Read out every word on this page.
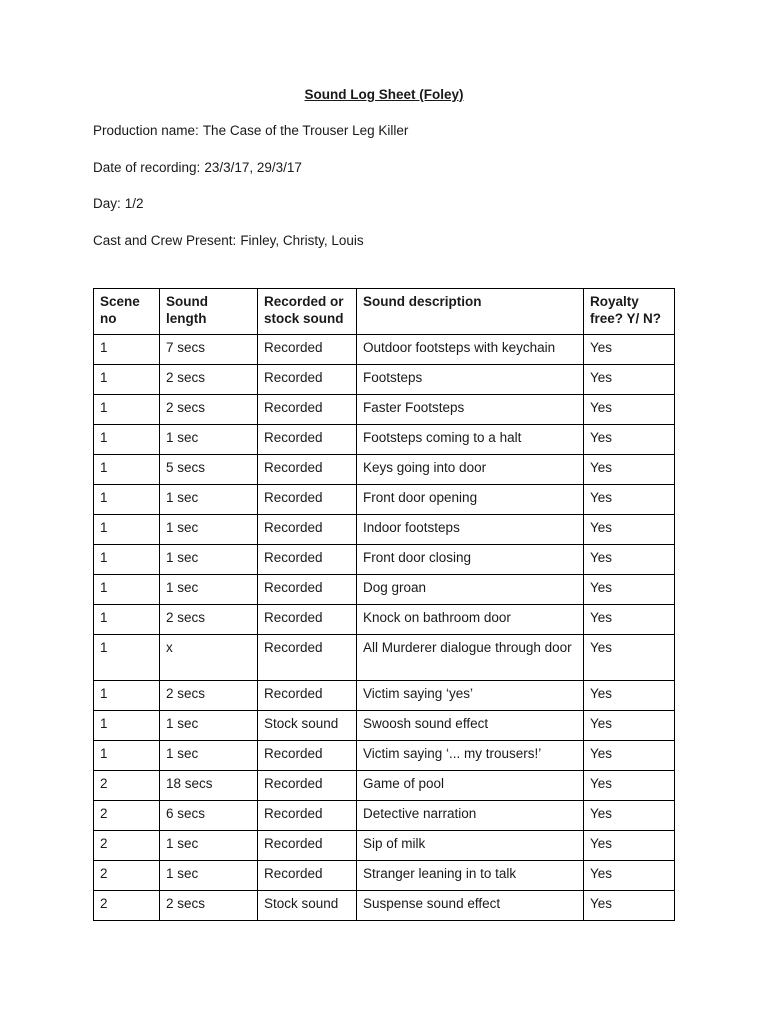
Sound Log Sheet (Foley)

Production name: The Case of the Trouser Leg Killer

Date of recording: 23/3/17, 29/3/17

Day: 1/2

Cast and Crew Present: Finley, Christy, Louis

Scene no	Sound length	Recorded or stock sound	Sound description	Royalty free? Y/ N?
1	7 secs	Recorded	Outdoor footsteps with keychain	Yes
1	2 secs	Recorded	Footsteps	Yes
1	2 secs	Recorded	Faster Footsteps	Yes
1	1 sec	Recorded	Footsteps coming to a halt	Yes
1	5 secs	Recorded	Keys going into door	Yes
1	1 sec	Recorded	Front door opening	Yes
1	1 sec	Recorded	Indoor footsteps	Yes
1	1 sec	Recorded	Front door closing	Yes
1	1 sec	Recorded	Dog groan	Yes
1	2 secs	Recorded	Knock on bathroom door	Yes
1	x	Recorded	All Murderer dialogue through door	Yes
1	2 secs	Recorded	Victim saying ‘yes’	Yes
1	1 sec	Stock sound	Swoosh sound effect	Yes
1	1 sec	Recorded	Victim saying ‘... my trousers!’	Yes
2	18 secs	Recorded	Game of pool	Yes
2	6 secs	Recorded	Detective narration	Yes
2	1 sec	Recorded	Sip of milk	Yes
2	1 sec	Recorded	Stranger leaning in to talk	Yes
2	2 secs	Stock sound	Suspense sound effect	Yes
